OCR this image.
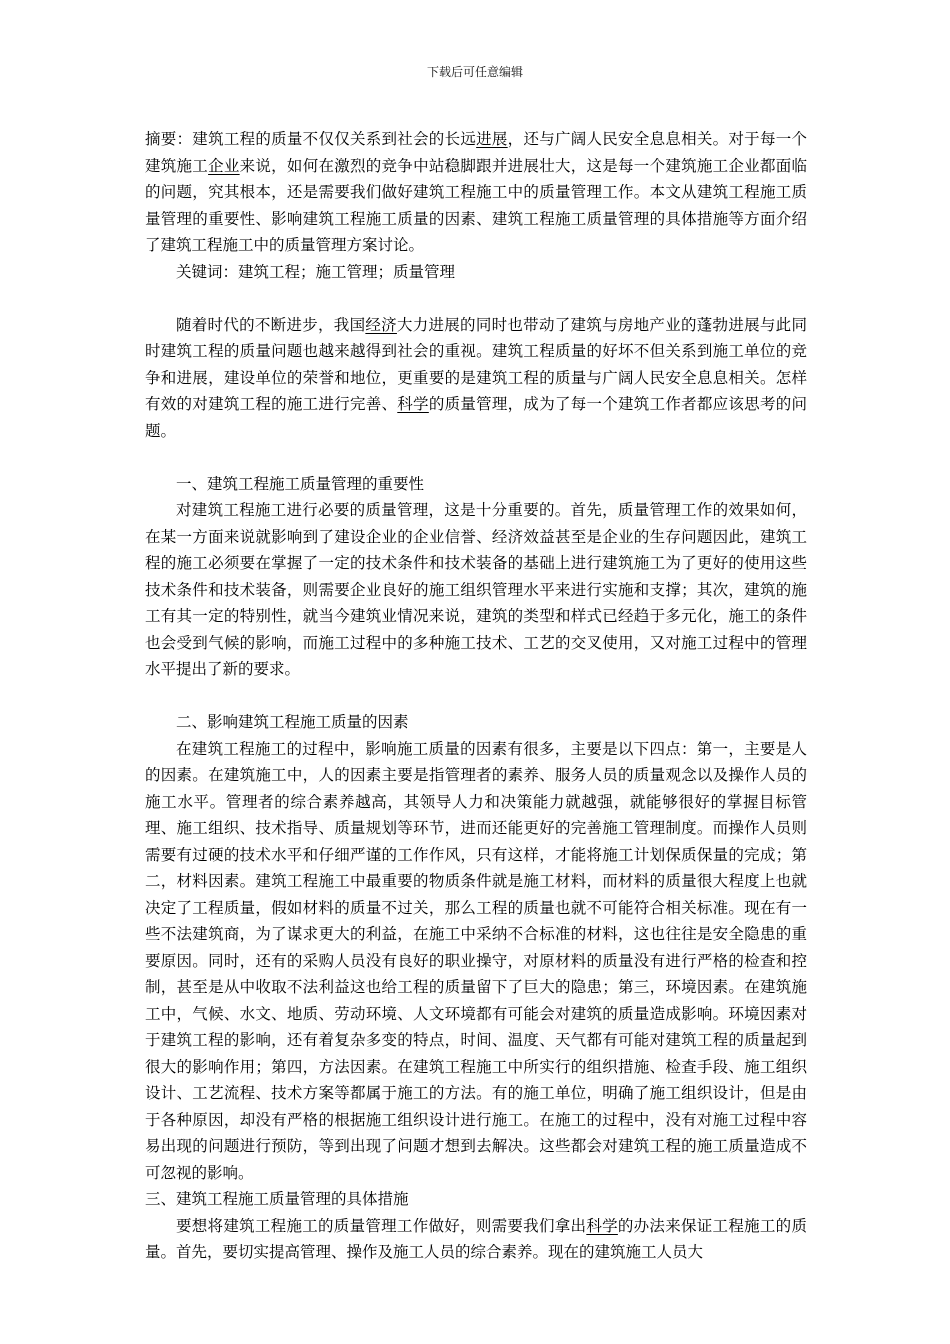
下载后可任意编辑

摘要：建筑工程的质量不仅仅关系到社会的长远进展，还与广阔人民安全息息相关。对于每一个建筑施工企业来说，如何在激烈的竞争中站稳脚跟并进展壮大，这是每一个建筑施工企业都面临的问题，究其根本，还是需要我们做好建筑工程施工中的质量管理工作。本文从建筑工程施工质量管理的重要性、影响建筑工程施工质量的因素、建筑工程施工质量管理的具体措施等方面介绍了建筑工程施工中的质量管理方案讨论。

关键词：建筑工程；施工管理；质量管理

随着时代的不断进步，我国经济大力进展的同时也带动了建筑与房地产业的蓬勃进展与此同时建筑工程的质量问题也越来越得到社会的重视。建筑工程质量的好坏不但关系到施工单位的竞争和进展，建设单位的荣誉和地位，更重要的是建筑工程的质量与广阔人民安全息息相关。怎样有效的对建筑工程的施工进行完善、科学的质量管理，成为了每一个建筑工作者都应该思考的问题。

一、建筑工程施工质量管理的重要性

对建筑工程施工进行必要的质量管理，这是十分重要的。首先，质量管理工作的效果如何，在某一方面来说就影响到了建设企业的企业信誉、经济效益甚至是企业的生存问题因此，建筑工程的施工必须要在掌握了一定的技术条件和技术装备的基础上进行建筑施工为了更好的使用这些技术条件和技术装备，则需要企业良好的施工组织管理水平来进行实施和支撑；其次，建筑的施工有其一定的特别性，就当今建筑业情况来说，建筑的类型和样式已经趋于多元化，施工的条件也会受到气候的影响，而施工过程中的多种施工技术、工艺的交叉使用，又对施工过程中的管理水平提出了新的要求。

二、影响建筑工程施工质量的因素

在建筑工程施工的过程中，影响施工质量的因素有很多，主要是以下四点：第一，主要是人的因素。在建筑施工中，人的因素主要是指管理者的素养、服务人员的质量观念以及操作人员的施工水平。管理者的综合素养越高，其领导人力和决策能力就越强，就能够很好的掌握目标管理、施工组织、技术指导、质量规划等环节，进而还能更好的完善施工管理制度。而操作人员则需要有过硬的技术水平和仔细严谨的工作作风，只有这样，才能将施工计划保质保量的完成；第二，材料因素。建筑工程施工中最重要的物质条件就是施工材料，而材料的质量很大程度上也就决定了工程质量，假如材料的质量不过关，那么工程的质量也就不可能符合相关标准。现在有一些不法建筑商，为了谋求更大的利益，在施工中采纳不合标准的材料，这也往往是安全隐患的重要原因。同时，还有的采购人员没有良好的职业操守，对原材料的质量没有进行严格的检查和控制，甚至是从中收取不法利益这也给工程的质量留下了巨大的隐患；第三，环境因素。在建筑施工中，气候、水文、地质、劳动环境、人文环境都有可能会对建筑的质量造成影响。环境因素对于建筑工程的影响，还有着复杂多变的特点，时间、温度、天气都有可能对建筑工程的质量起到很大的影响作用；第四，方法因素。在建筑工程施工中所实行的组织措施、检查手段、施工组织设计、工艺流程、技术方案等都属于施工的方法。有的施工单位，明确了施工组织设计，但是由于各种原因，却没有严格的根据施工组织设计进行施工。在施工的过程中，没有对施工过程中容易出现的问题进行预防，等到出现了问题才想到去解决。这些都会对建筑工程的施工质量造成不可忽视的影响。

三、建筑工程施工质量管理的具体措施

要想将建筑工程施工的质量管理工作做好，则需要我们拿出科学的办法来保证工程施工的质量。首先，要切实提高管理、操作及施工人员的综合素养。现在的建筑施工人员大
